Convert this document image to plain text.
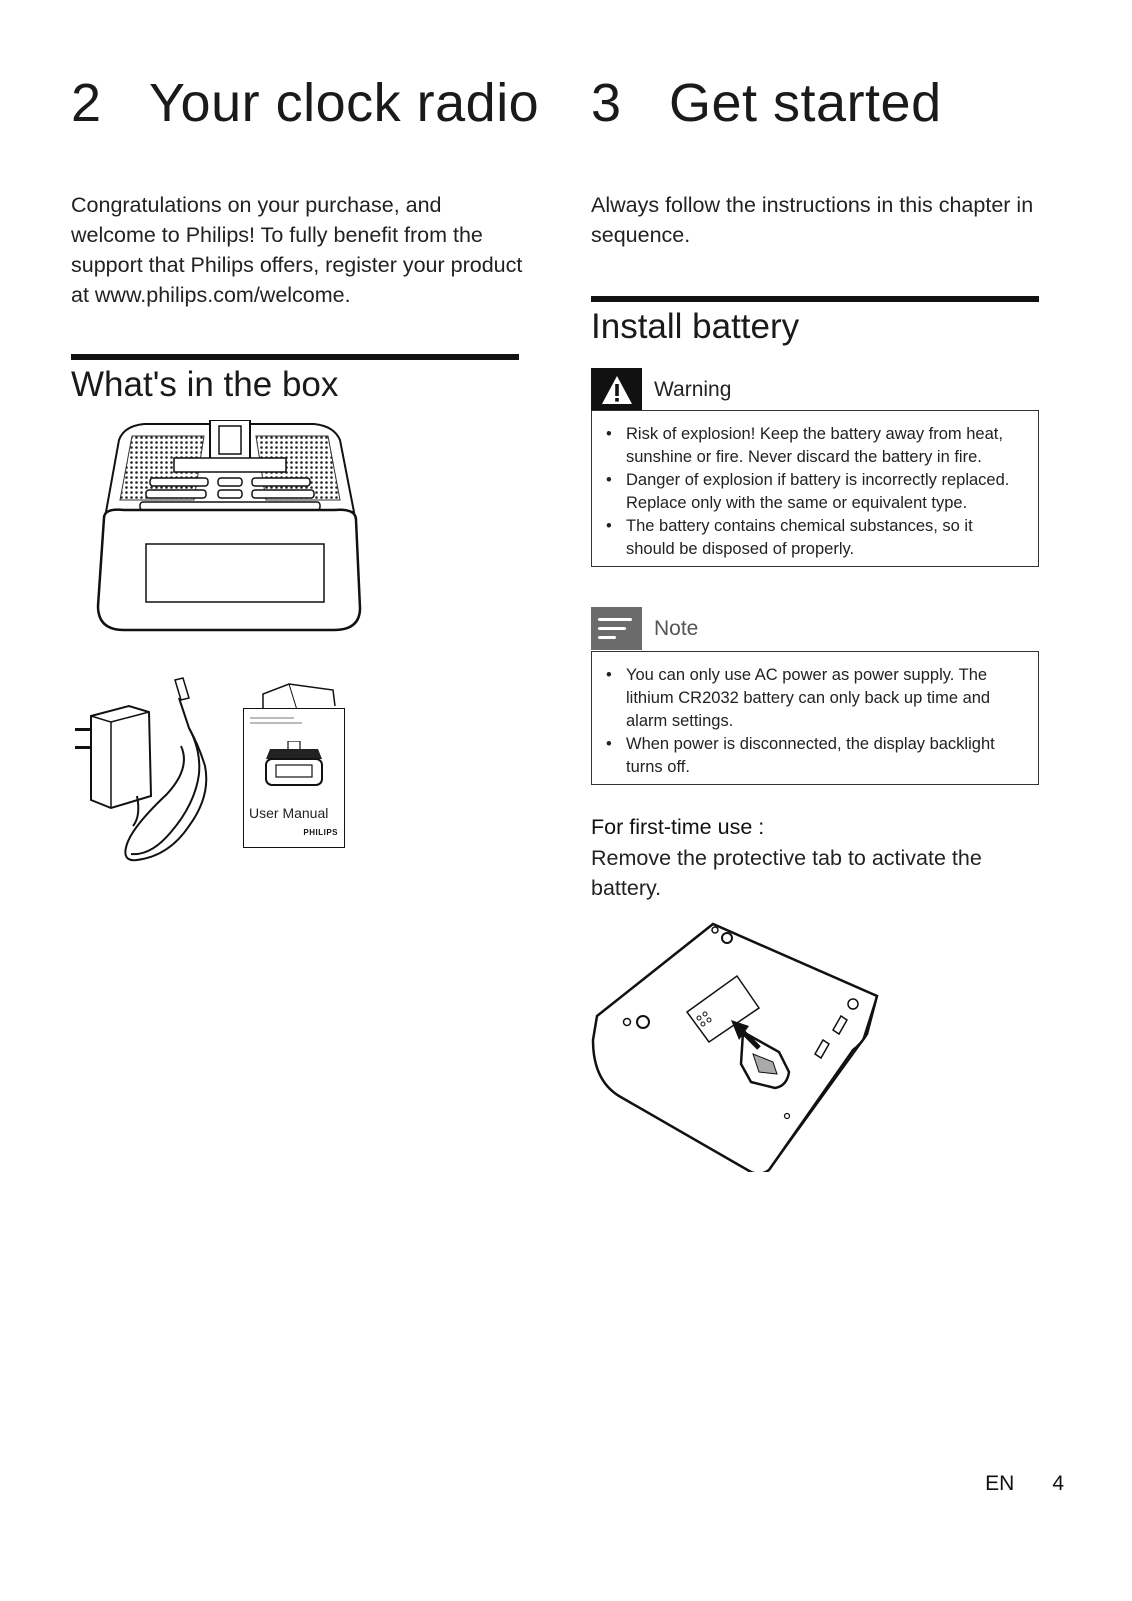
2 Your clock radio

Congratulations on your purchase, and welcome to Philips! To fully benefit from the support that Philips offers, register your product at www.philips.com/welcome.

What's in the box
User Manual
PHILIPS
3 Get started

Always follow the instructions in this chapter in sequence.

Install battery
Warning
• Risk of explosion! Keep the battery away from heat, sunshine or fire. Never discard the battery in fire.
• Danger of explosion if battery is incorrectly replaced. Replace only with the same or equivalent type.
• The battery contains chemical substances, so it should be disposed of properly.
Note
• You can only use AC power as power supply. The lithium CR2032 battery can only back up time and alarm settings.
• When power is disconnected, the display backlight turns off.
For first-time use :

Remove the protective tab to activate the battery.

EN 4
